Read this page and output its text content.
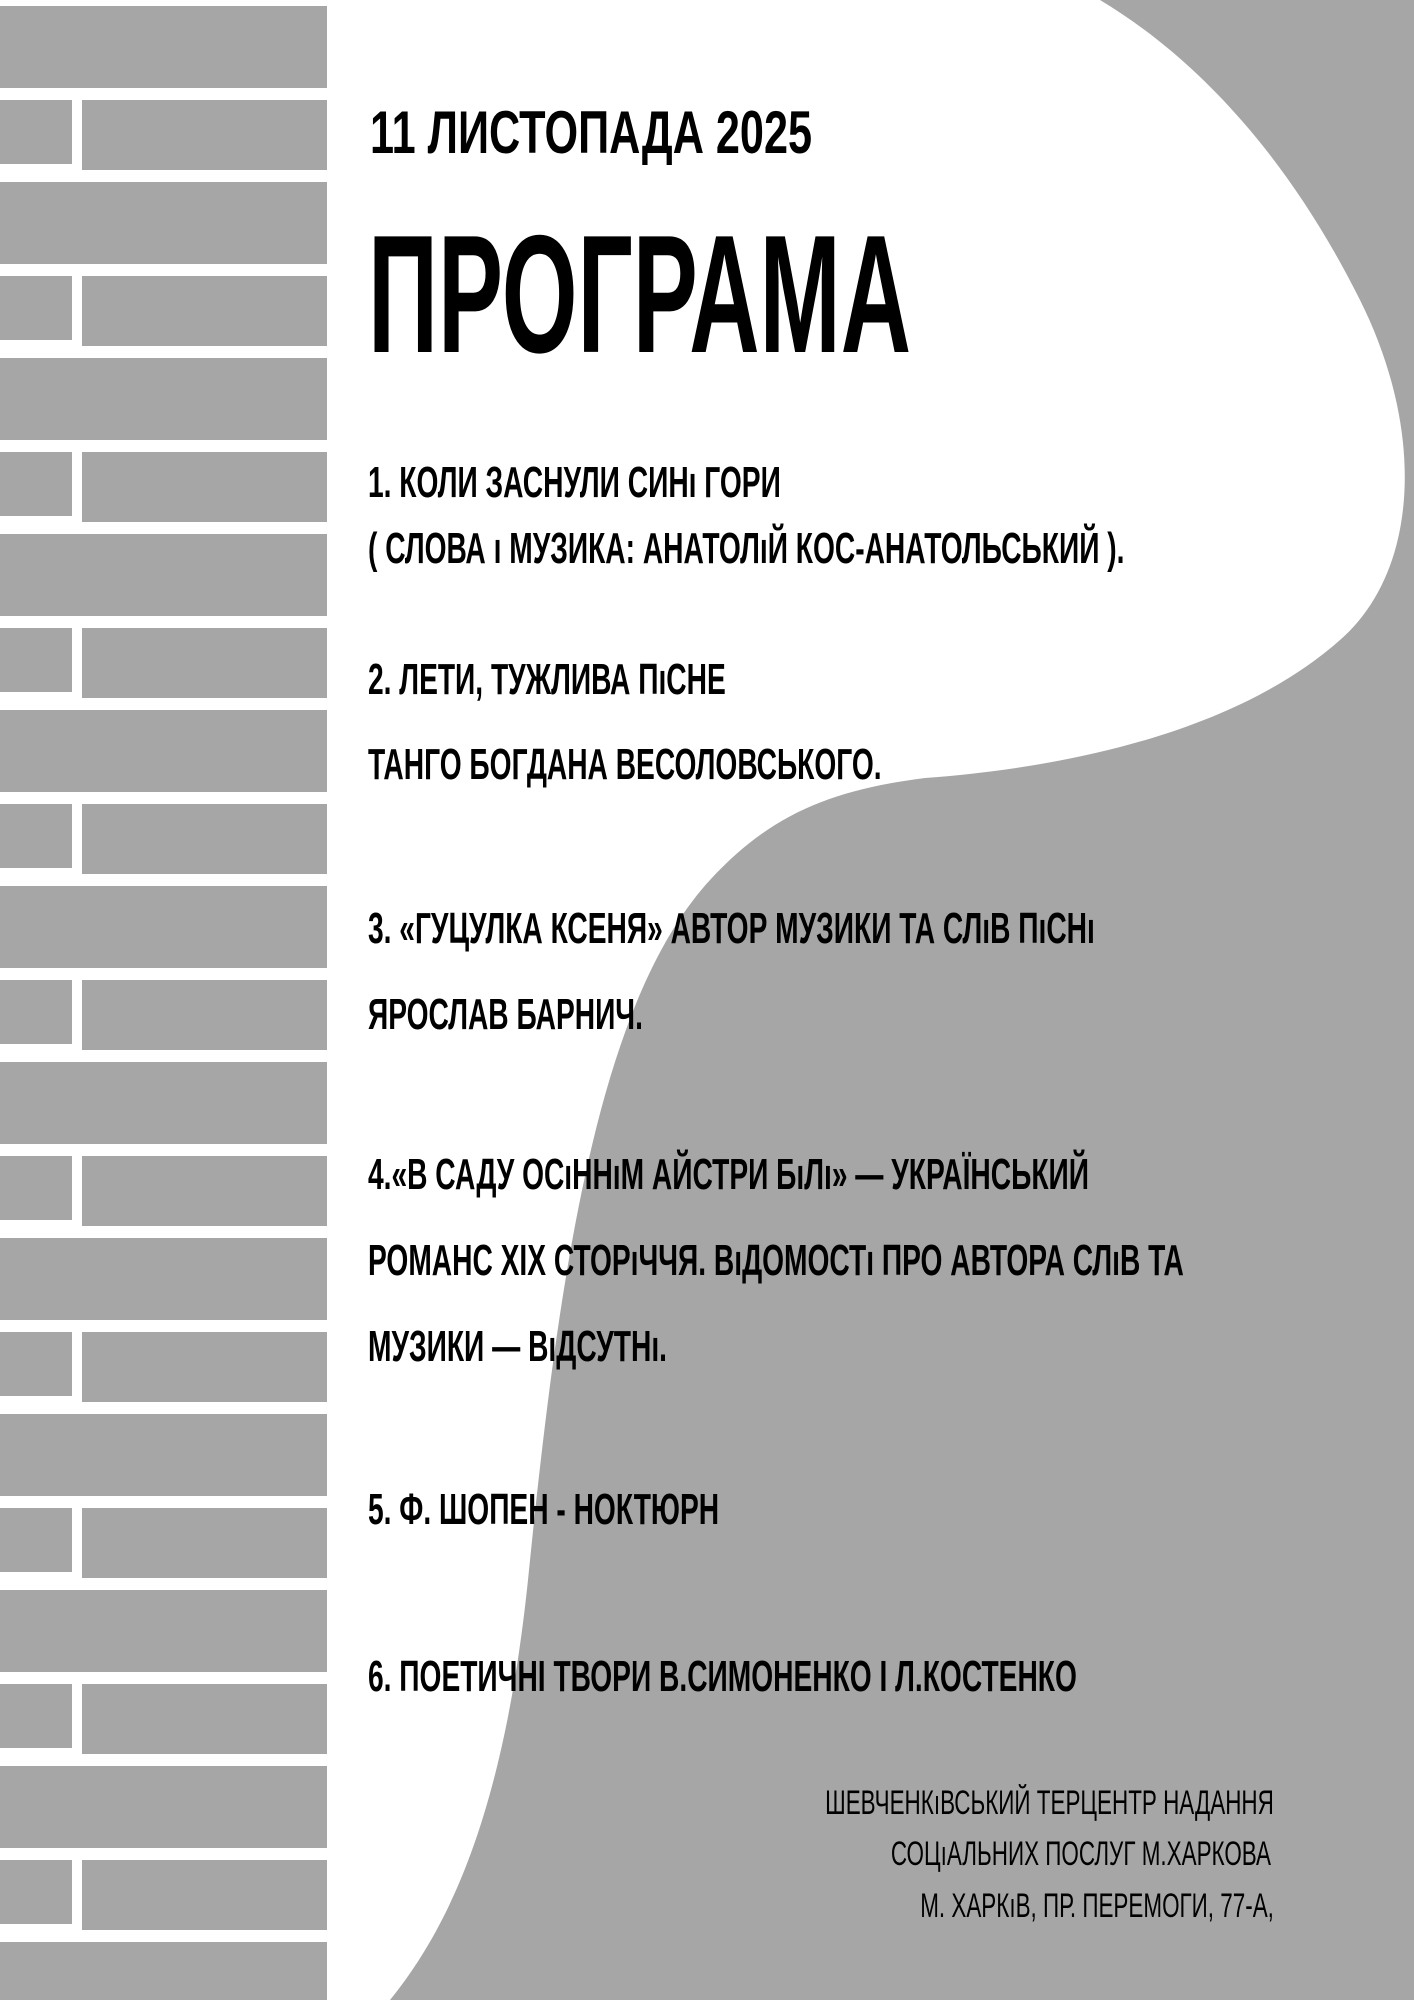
11 ЛИСТОПАДА 2025
ПРОГРАМА

1. КОЛИ ЗАСНУЛИ СИНı ГОРИ

( СЛОВА ı МУЗИКА: АНАТОЛıЙ КОС-АНАТОЛЬСЬКИЙ ).

2. ЛЕТИ, ТУЖЛИВА ПıСНЕ

ТАНГО БОГДАНА ВЕСОЛОВСЬКОГО.

3. «ГУЦУЛКА КСЕНЯ» АВТОР МУЗИКИ ТА СЛıВ ПıСНı

ЯРОСЛАВ БАРНИЧ.

4.«В САДУ ОСıННıМ АЙСТРИ БıЛı» — УКРАЇНСЬКИЙ

РОМАНС XIX СТОРıЧЧЯ. ВıДОМОСТı ПРО АВТОРА СЛıВ ТА

МУЗИКИ — ВıДСУТНı.

5. Ф. ШОПЕН - НОКТЮРН

6. ПОЕТИЧНI ТВОРИ В.СИМОНЕНКО I Л.КОСТЕНКО

ШЕВЧЕНКıВСЬКИЙ ТЕРЦЕНТР НАДАННЯ

СОЦıАЛЬНИХ ПОСЛУГ М.ХАРКОВА

М. ХАРКıВ, ПР. ПЕРЕМОГИ, 77-А,
